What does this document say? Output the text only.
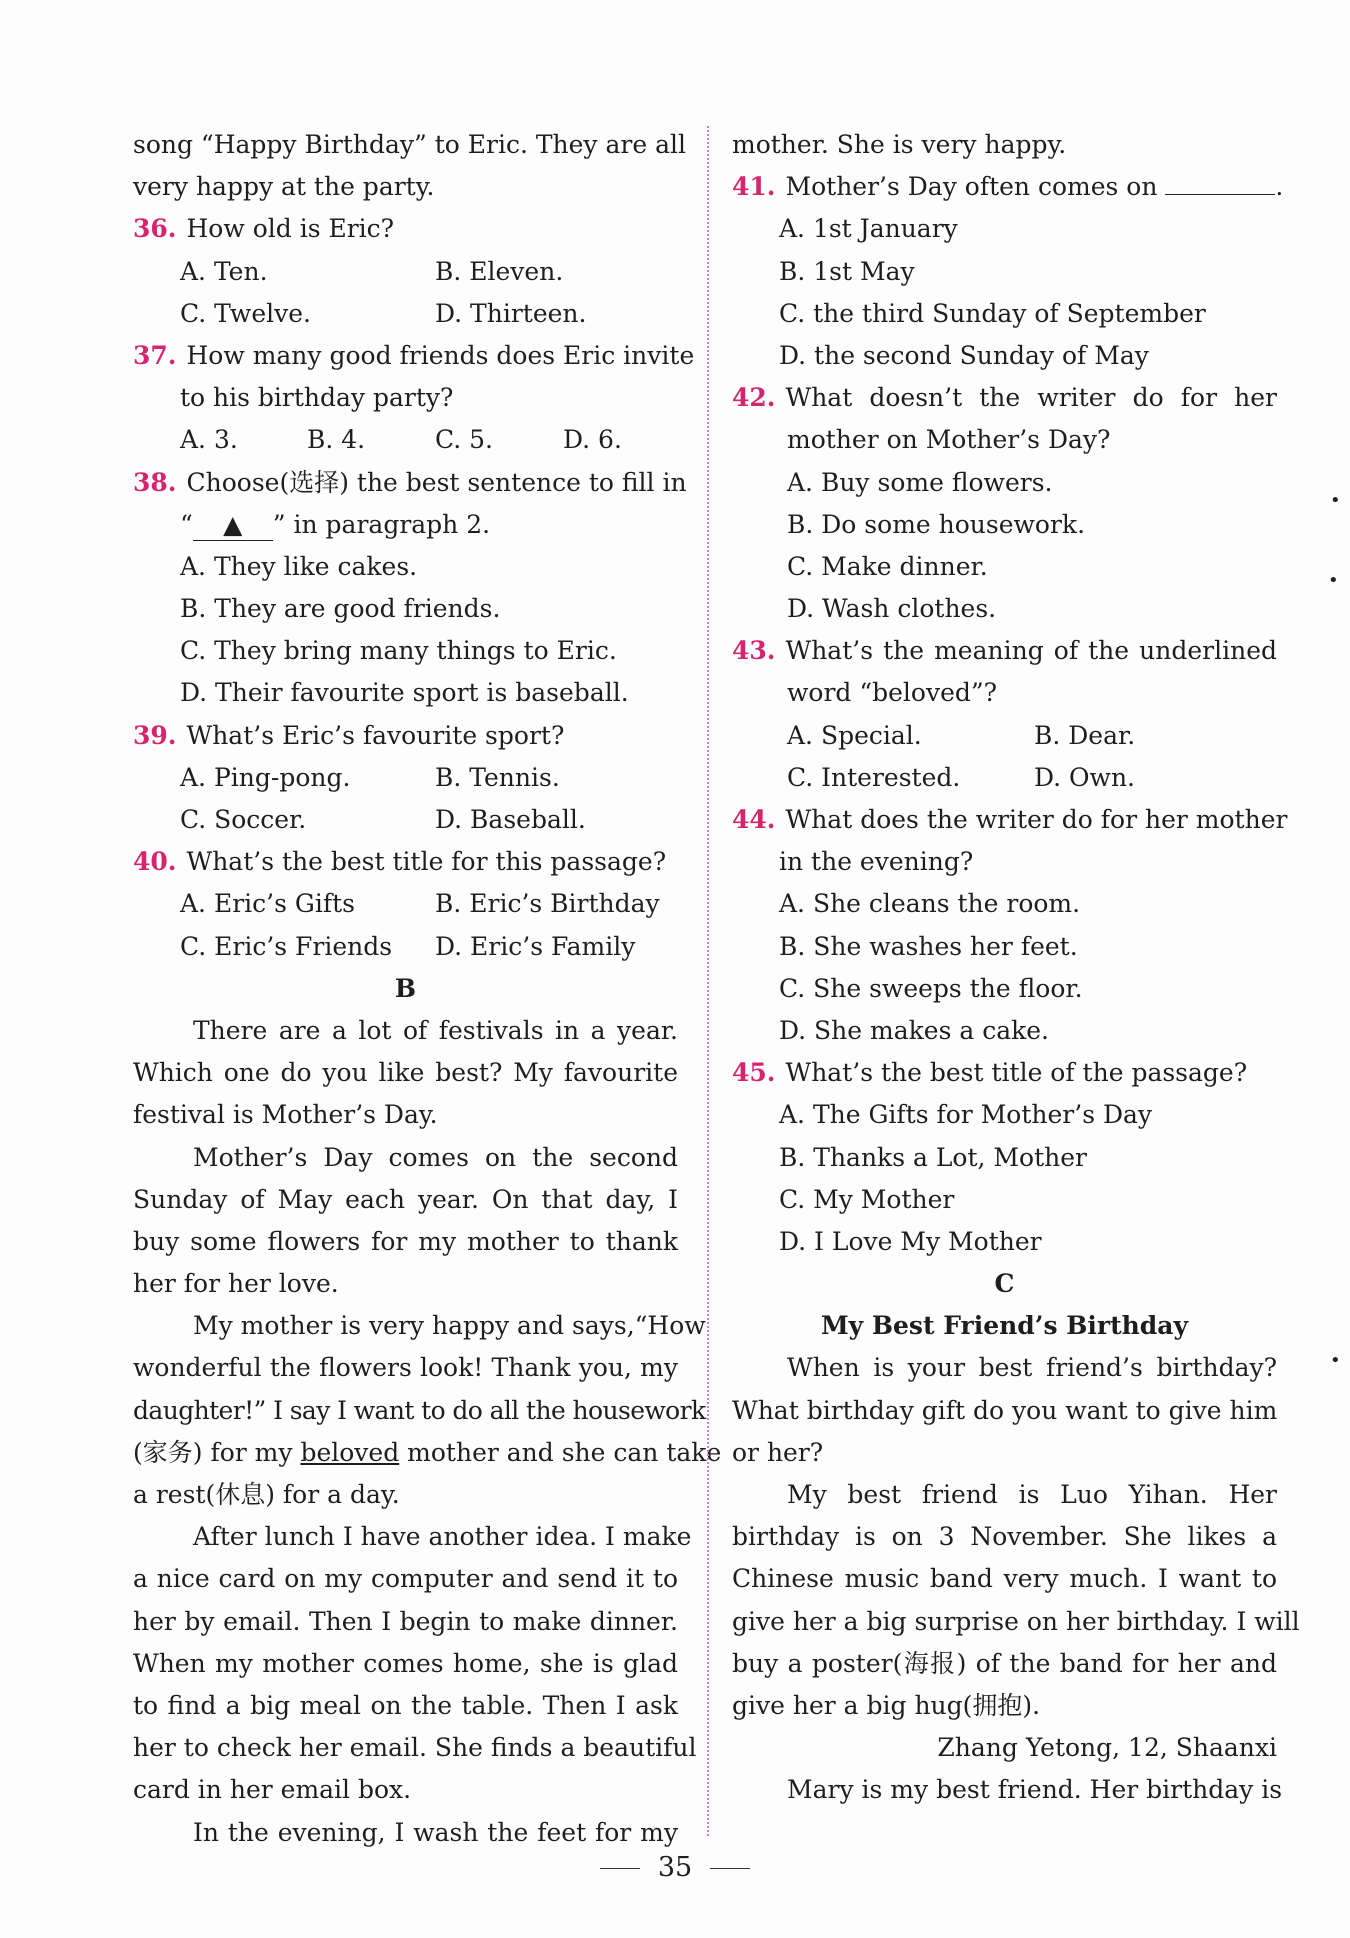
song “Happy Birthday” to Eric. They are all
very happy at the party.
36. How old is Eric?
A. Ten.	B. Eleven.
C. Twelve.	D. Thirteen.
37. How many good friends does Eric invite
to his birthday party?
A. 3.	B. 4.	C. 5.	D. 6.
38. Choose(选择) the best sentence to fill in
“ ▲ ” in paragraph 2.
A. They like cakes.
B. They are good friends.
C. They bring many things to Eric.
D. Their favourite sport is baseball.
39. What’s Eric’s favourite sport?
A. Ping-pong.	B. Tennis.
C. Soccer.	D. Baseball.
40. What’s the best title for this passage?
A. Eric’s Gifts	B. Eric’s Birthday
C. Eric’s Friends	D. Eric’s Family
B
There are a lot of festivals in a year.
Which one do you like best? My favourite
festival is Mother’s Day.
Mother’s Day comes on the second
Sunday of May each year. On that day, I
buy some flowers for my mother to thank
her for her love.
My mother is very happy and says,“How
wonderful the flowers look! Thank you, my
daughter!” I say I want to do all the housework
(家务) for my beloved mother and she can take
a rest(休息) for a day.
After lunch I have another idea. I make
a nice card on my computer and send it to
her by email. Then I begin to make dinner.
When my mother comes home, she is glad
to find a big meal on the table. Then I ask
her to check her email. She finds a beautiful
card in her email box.
In the evening, I wash the feet for my
mother. She is very happy.
41. Mother’s Day often comes on	.
A. 1st January
B. 1st May
C. the third Sunday of September
D. the second Sunday of May
42. What doesn’t the writer do for her
mother on Mother’s Day?
A. Buy some flowers.
B. Do some housework.
C. Make dinner.
D. Wash clothes.
43. What’s the meaning of the underlined
word “beloved”?
A. Special.	B. Dear.
C. Interested.	D. Own.
44. What does the writer do for her mother
in the evening?
A. She cleans the room.
B. She washes her feet.
C. She sweeps the floor.
D. She makes a cake.
45. What’s the best title of the passage?
A. The Gifts for Mother’s Day
B. Thanks a Lot, Mother
C. My Mother
D. I Love My Mother
C
My Best Friend’s Birthday
When is your best friend’s birthday?
What birthday gift do you want to give him
or her?
My best friend is Luo Yihan. Her
birthday is on 3 November. She likes a
Chinese music band very much. I want to
give her a big surprise on her birthday. I will
buy a poster(海报) of the band for her and
give her a big hug(拥抱).
Zhang Yetong, 12, Shaanxi
Mary is my best friend. Her birthday is
35
•
•
•
